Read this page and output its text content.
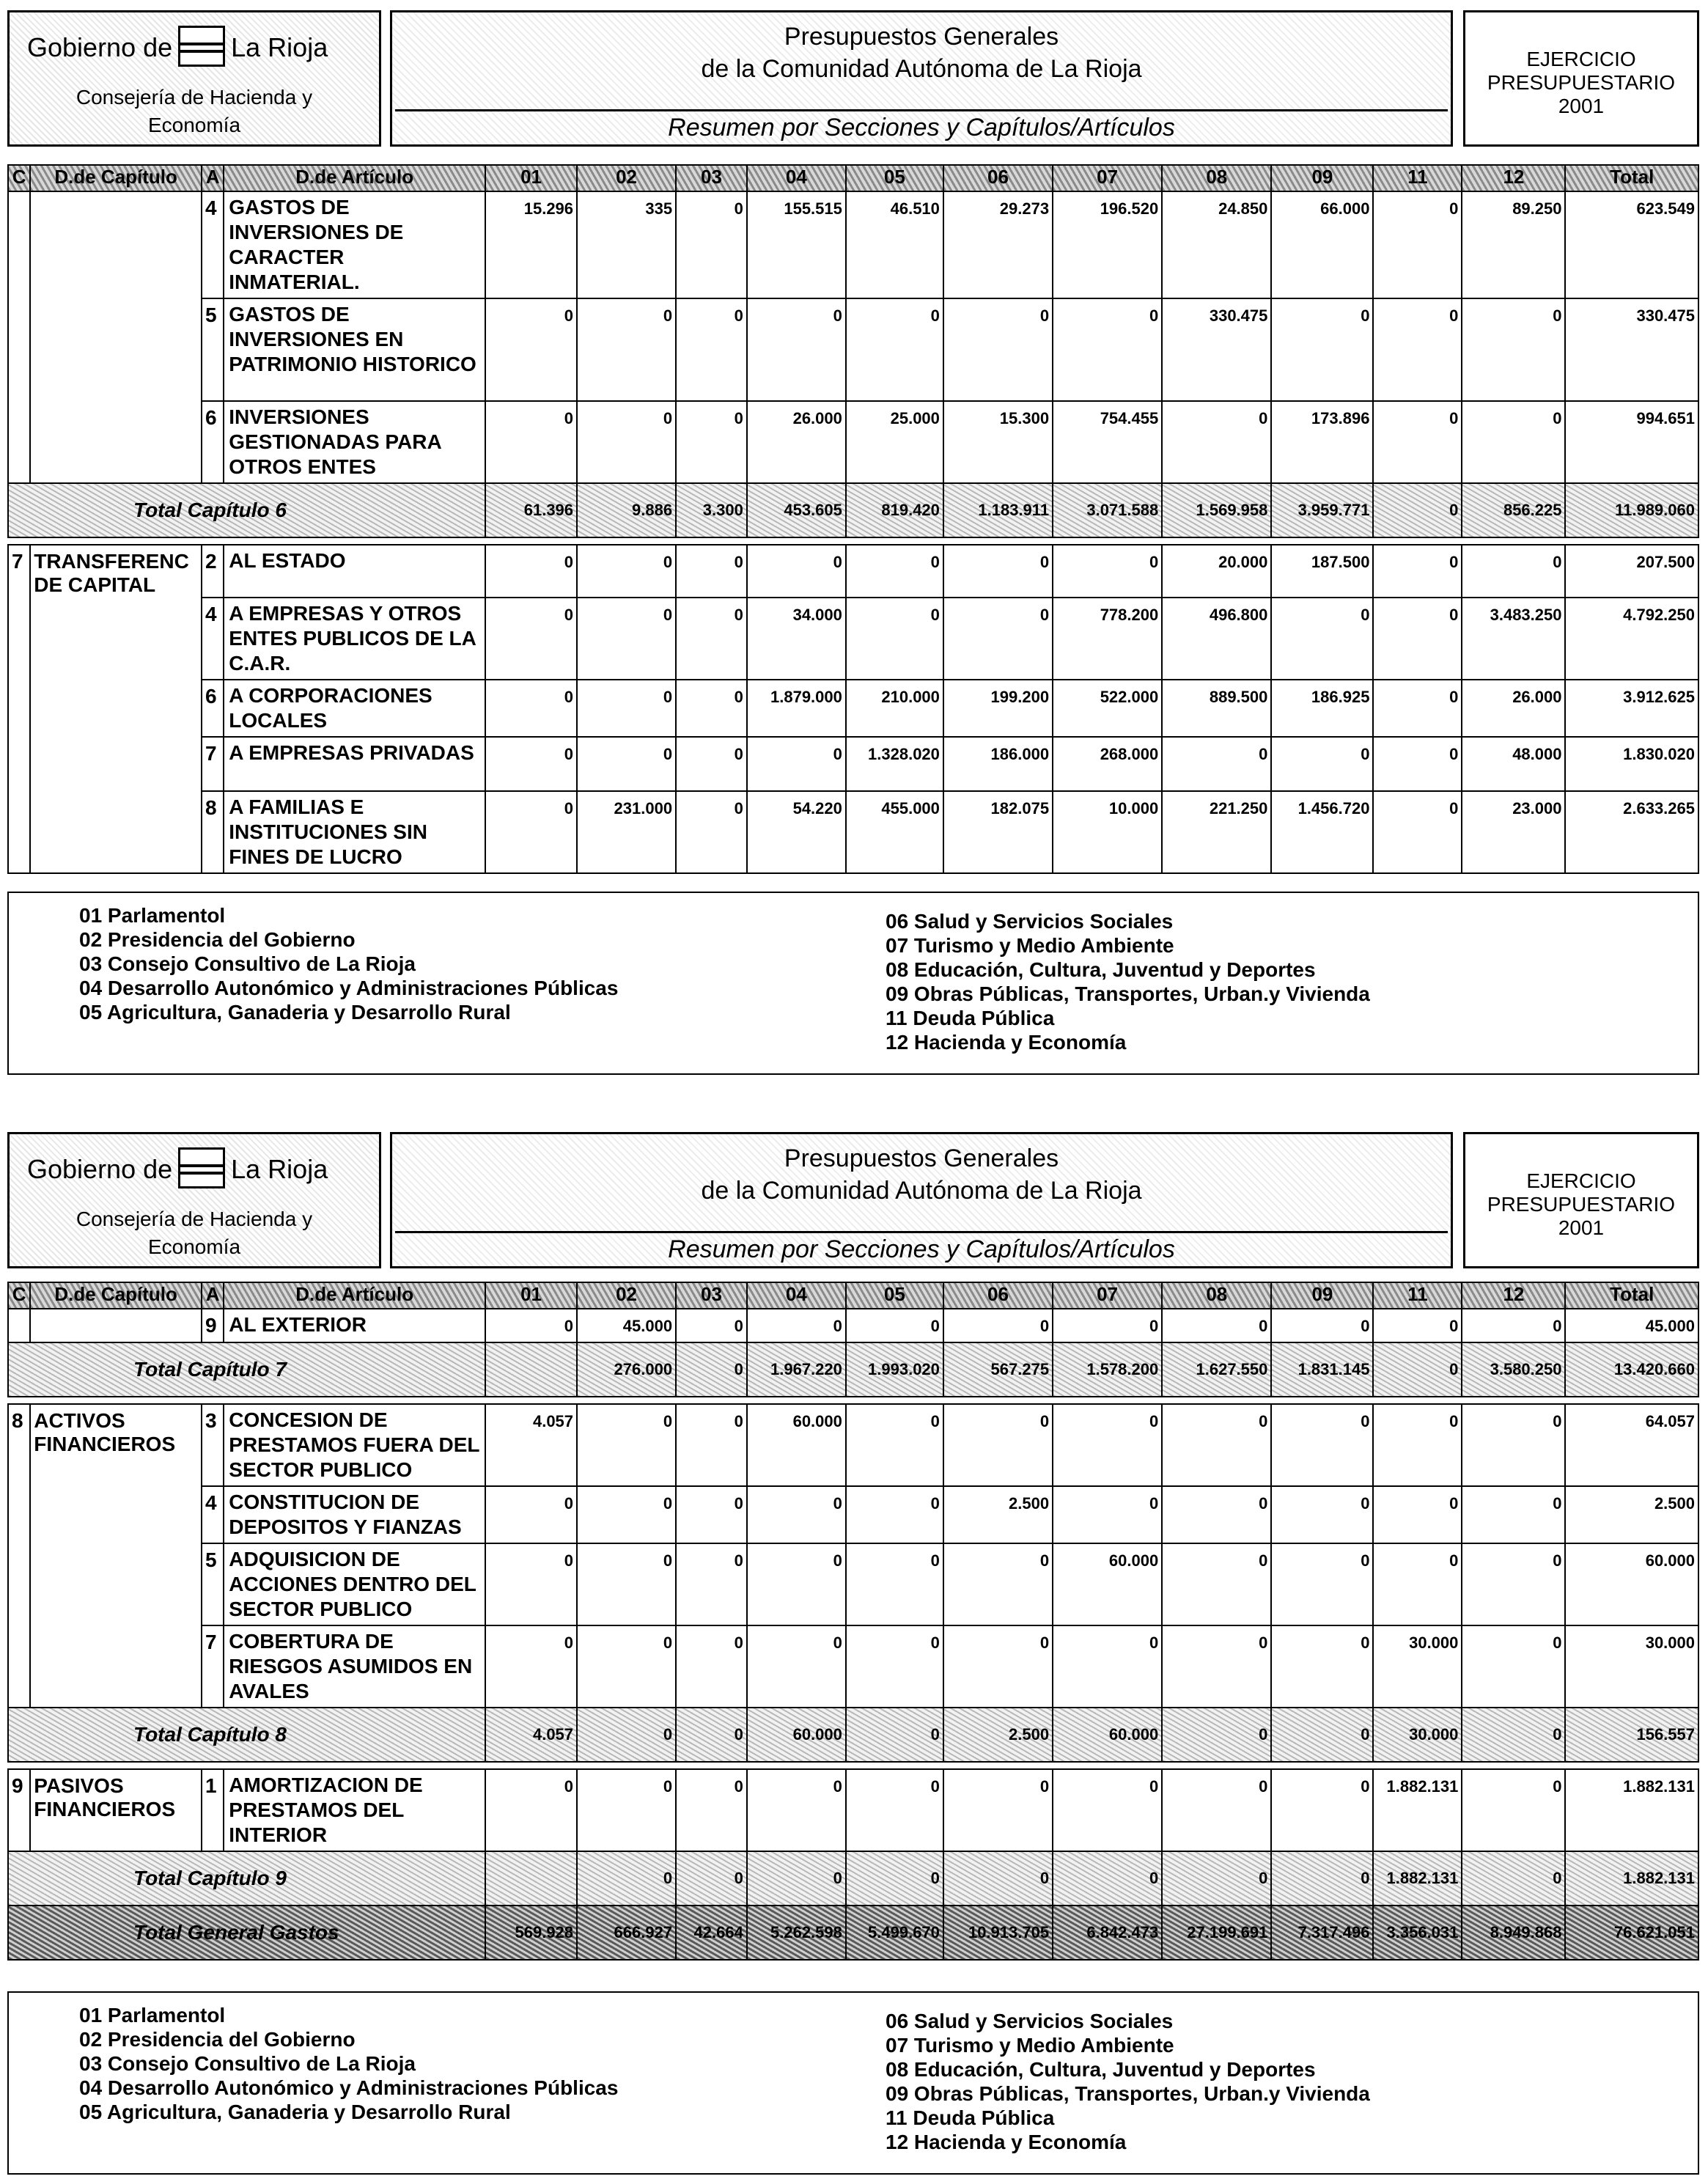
Gobierno de La Rioja
Consejería de Hacienda y
Economía
Presupuestos Generales
de la Comunidad Autónoma de La Rioja
Resumen por Secciones y Capítulos/Artículos
EJERCICIO
PRESUPUESTARIO
2001
C	D.de Capítulo	A	D.de Artículo	01	02	03	04	05	06	07	08	09	11	12	Total
		4	GASTOS DE INVERSIONES DE CARACTER INMATERIAL.	15.296	335	0	155.515	46.510	29.273	196.520	24.850	66.000	0	89.250	623.549
		5	GASTOS DE INVERSIONES EN PATRIMONIO HISTORICO	0	0	0	0	0	0	0	330.475	0	0	0	330.475
		6	INVERSIONES GESTIONADAS PARA OTROS ENTES	0	0	0	26.000	25.000	15.300	754.455	0	173.896	0	0	994.651
Total Capítulo 6				61.396	9.886	3.300	453.605	819.420	1.183.911	3.071.588	1.569.958	3.959.771	0	856.225	11.989.060

7	TRANSFERENC DE CAPITAL	2	AL ESTADO	0	0	0	0	0	0	0	20.000	187.500	0	0	207.500
		4	A EMPRESAS Y OTROS ENTES PUBLICOS DE LA C.A.R.	0	0	0	34.000	0	0	778.200	496.800	0	0	3.483.250	4.792.250
		6	A CORPORACIONES LOCALES	0	0	0	1.879.000	210.000	199.200	522.000	889.500	186.925	0	26.000	3.912.625
		7	A EMPRESAS PRIVADAS	0	0	0	0	1.328.020	186.000	268.000	0	0	0	48.000	1.830.020
		8	A FAMILIAS E INSTITUCIONES SIN FINES DE LUCRO	0	231.000	0	54.220	455.000	182.075	10.000	221.250	1.456.720	0	23.000	2.633.265
01 Parlamentol
02 Presidencia del Gobierno
03 Consejo Consultivo de La Rioja
04 Desarrollo Autonómico y Administraciones Públicas
05 Agricultura, Ganaderia y Desarrollo Rural
06 Salud y Servicios Sociales
07 Turismo y Medio Ambiente
08 Educación, Cultura, Juventud y Deportes
09 Obras Públicas, Transportes, Urban.y Vivienda
11 Deuda Pública
12 Hacienda y Economía
Gobierno de La Rioja
Consejería de Hacienda y
Economía
Presupuestos Generales
de la Comunidad Autónoma de La Rioja
Resumen por Secciones y Capítulos/Artículos
EJERCICIO
PRESUPUESTARIO
2001
C	D.de Capítulo	A	D.de Artículo	01	02	03	04	05	06	07	08	09	11	12	Total
		9	AL EXTERIOR	0	45.000	0	0	0	0	0	0	0	0	0	45.000
Total Capítulo 7					276.000	0	1.967.220	1.993.020	567.275	1.578.200	1.627.550	1.831.145	0	3.580.250	13.420.660

8	ACTIVOS FINANCIEROS	3	CONCESION DE PRESTAMOS FUERA DEL SECTOR PUBLICO	4.057	0	0	60.000	0	0	0	0	0	0	0	64.057
		4	CONSTITUCION DE DEPOSITOS Y FIANZAS	0	0	0	0	0	2.500	0	0	0	0	0	2.500
		5	ADQUISICION DE ACCIONES DENTRO DEL SECTOR PUBLICO	0	0	0	0	0	0	60.000	0	0	0	0	60.000
		7	COBERTURA DE RIESGOS ASUMIDOS EN AVALES	0	0	0	0	0	0	0	0	0	30.000	0	30.000
Total Capítulo 8				4.057	0	0	60.000	0	2.500	60.000	0	0	30.000	0	156.557

9	PASIVOS FINANCIEROS	1	AMORTIZACION DE PRESTAMOS DEL INTERIOR	0	0	0	0	0	0	0	0	0	1.882.131	0	1.882.131
Total Capítulo 9					0	0	0	0	0	0	0	0	1.882.131	0	1.882.131
Total General Gastos				569.928	666.927	42.664	5.262.598	5.499.670	10.913.705	6.842.473	27.199.691	7.317.496	3.356.031	8.949.868	76.621.051
01 Parlamentol
02 Presidencia del Gobierno
03 Consejo Consultivo de La Rioja
04 Desarrollo Autonómico y Administraciones Públicas
05 Agricultura, Ganaderia y Desarrollo Rural
06 Salud y Servicios Sociales
07 Turismo y Medio Ambiente
08 Educación, Cultura, Juventud y Deportes
09 Obras Públicas, Transportes, Urban.y Vivienda
11 Deuda Pública
12 Hacienda y Economía
